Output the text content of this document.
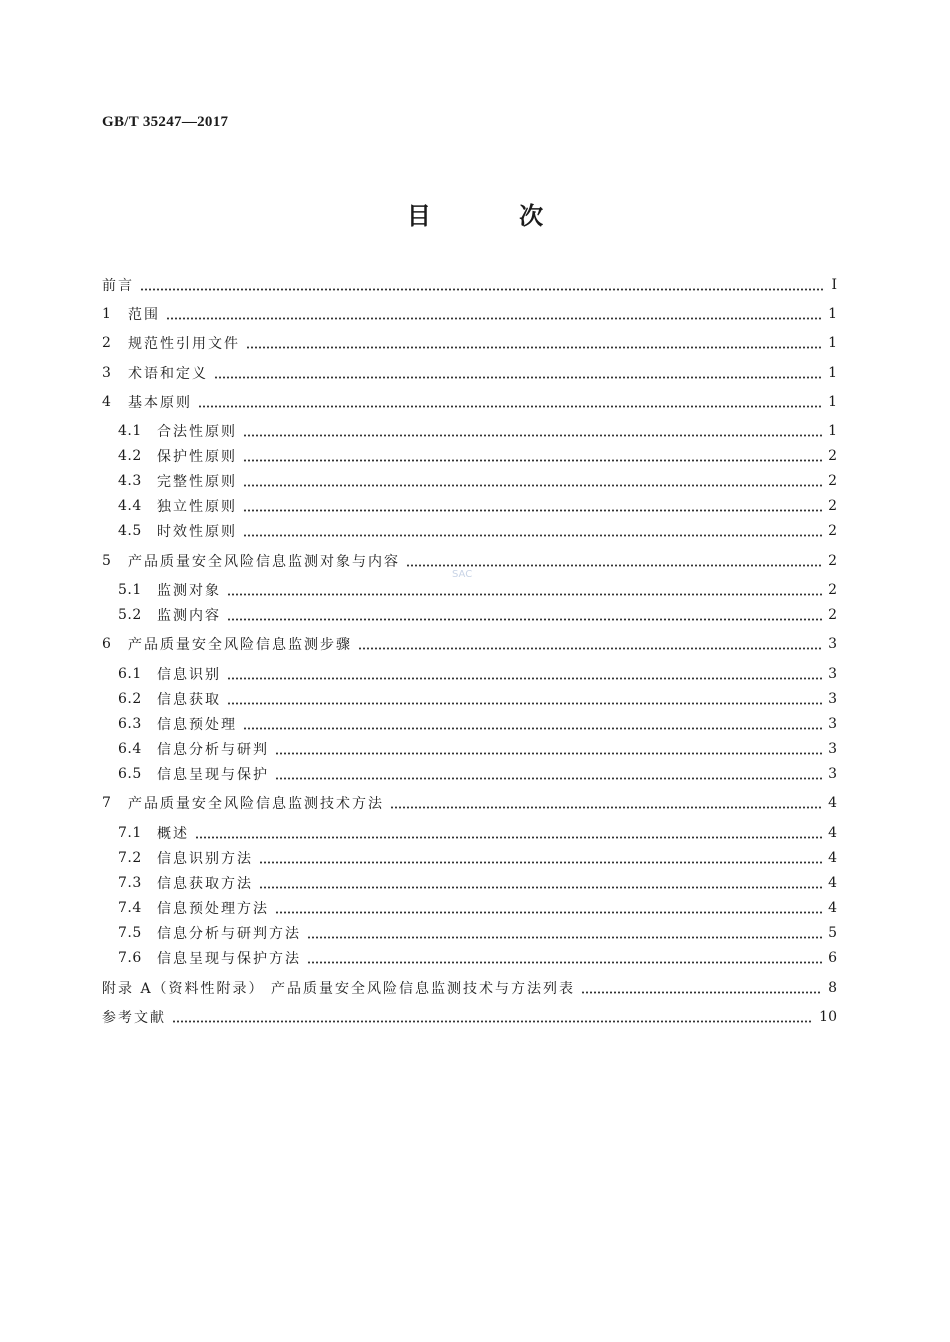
GB/T 35247—2017
目 次
SAC
前言	Ⅰ
1	范围	1
2	规范性引用文件	1
3	术语和定义	1
4	基本原则	1
4.1	合法性原则	1
4.2	保护性原则	2
4.3	完整性原则	2
4.4	独立性原则	2
4.5	时效性原则	2
5	产品质量安全风险信息监测对象与内容	2
5.1	监测对象	2
5.2	监测内容	2
6	产品质量安全风险信息监测步骤	3
6.1	信息识别	3
6.2	信息获取	3
6.3	信息预处理	3
6.4	信息分析与研判	3
6.5	信息呈现与保护	3
7	产品质量安全风险信息监测技术方法	4
7.1	概述	4
7.2	信息识别方法	4
7.3	信息获取方法	4
7.4	信息预处理方法	4
7.5	信息分析与研判方法	5
7.6	信息呈现与保护方法	6
附录 A（资料性附录） 产品质量安全风险信息监测技术与方法列表	8
参考文献	10
